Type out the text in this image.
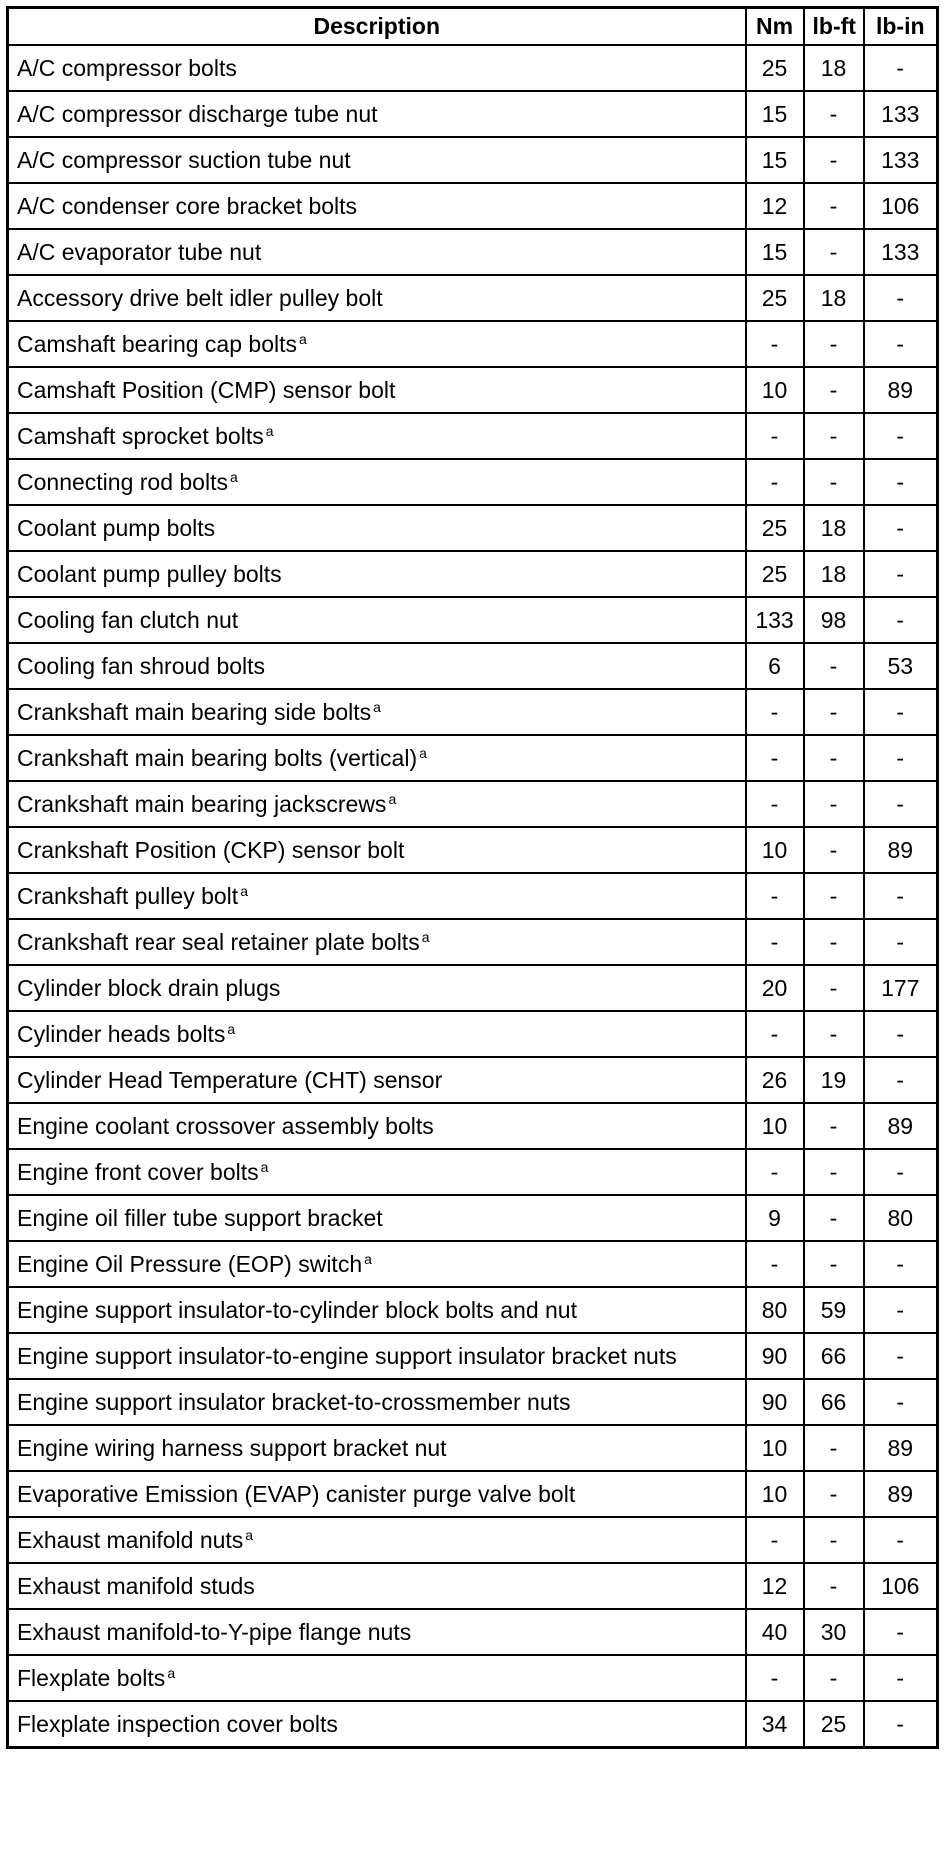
Description	Nm	lb-ft	lb-in
A/C compressor bolts	25	18	-
A/C compressor discharge tube nut	15	-	133
A/C compressor suction tube nut	15	-	133
A/C condenser core bracket bolts	12	-	106
A/C evaporator tube nut	15	-	133
Accessory drive belt idler pulley bolt	25	18	-
Camshaft bearing cap bolts $^a$	-	-	-
Camshaft Position (CMP) sensor bolt	10	-	89
Camshaft sprocket bolts $^a$	-	-	-
Connecting rod bolts $^a$	-	-	-
Coolant pump bolts	25	18	-
Coolant pump pulley bolts	25	18	-
Cooling fan clutch nut	133	98	-
Cooling fan shroud bolts	6	-	53
Crankshaft main bearing side bolts $^a$	-	-	-
Crankshaft main bearing bolts (vertical) $^a$	-	-	-
Crankshaft main bearing jackscrews $^a$	-	-	-
Crankshaft Position (CKP) sensor bolt	10	-	89
Crankshaft pulley bolt $^a$	-	-	-
Crankshaft rear seal retainer plate bolts $^a$	-	-	-
Cylinder block drain plugs	20	-	177
Cylinder heads bolts $^a$	-	-	-
Cylinder Head Temperature (CHT) sensor	26	19	-
Engine coolant crossover assembly bolts	10	-	89
Engine front cover bolts $^a$	-	-	-
Engine oil filler tube support bracket	9	-	80
Engine Oil Pressure (EOP) switch $^a$	-	-	-
Engine support insulator-to-cylinder block bolts and nut	80	59	-
Engine support insulator-to-engine support insulator bracket nuts	90	66	-
Engine support insulator bracket-to-crossmember nuts	90	66	-
Engine wiring harness support bracket nut	10	-	89
Evaporative Emission (EVAP) canister purge valve bolt	10	-	89
Exhaust manifold nuts $^a$	-	-	-
Exhaust manifold studs	12	-	106
Exhaust manifold-to-Y-pipe flange nuts	40	30	-
Flexplate bolts $^a$	-	-	-
Flexplate inspection cover bolts	34	25	-
